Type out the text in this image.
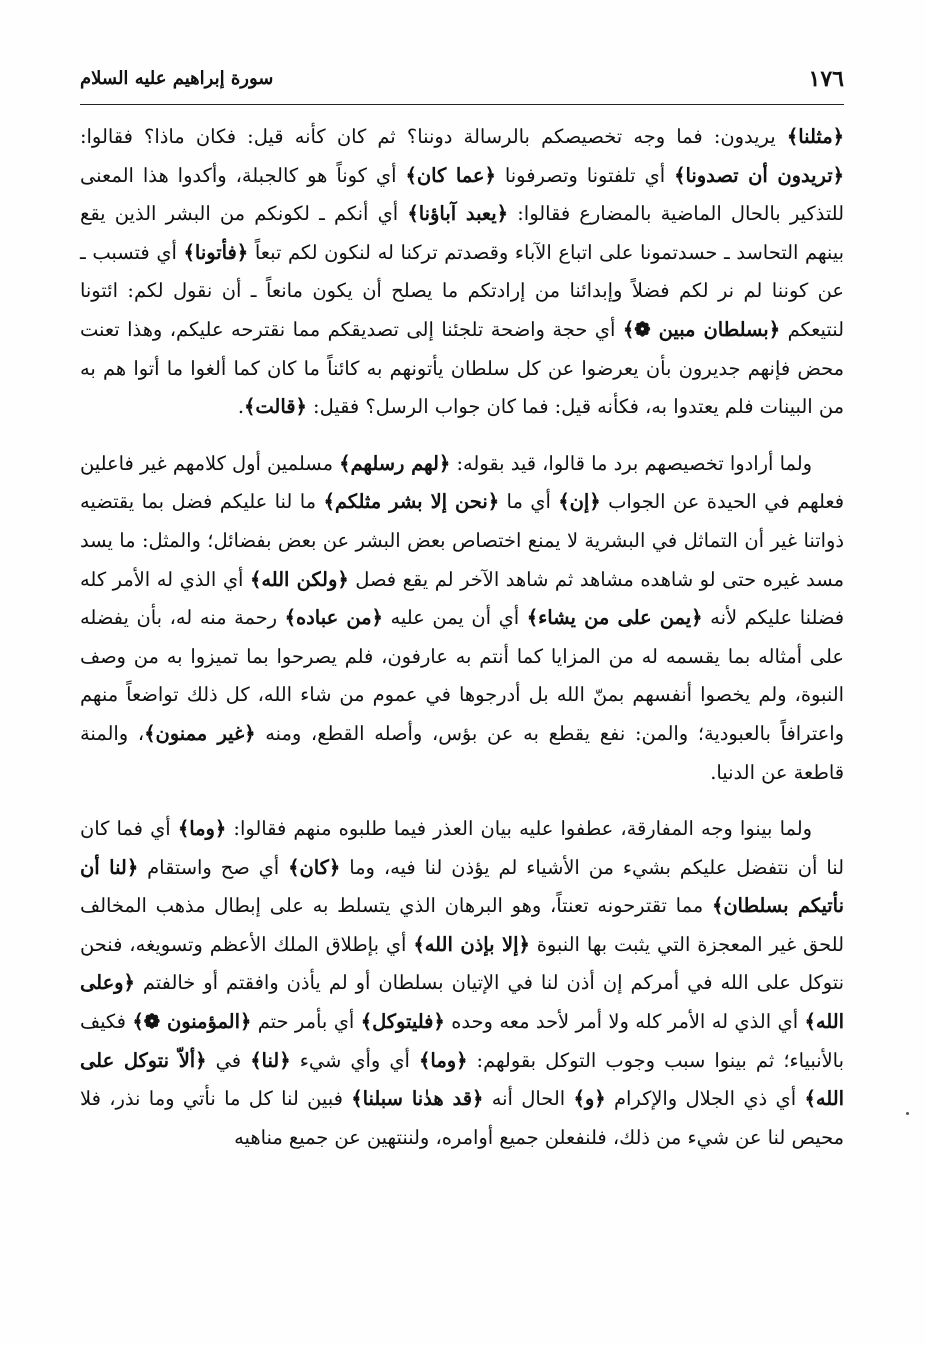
١٧٦
سورة إبراهيم عليه السلام

﴿مثلنا﴾ يريدون: فما وجه تخصيصكم بالرسالة دوننا؟ ثم كان كأنه قيل: فكان ماذا؟ فقالوا: ﴿تريدون أن تصدونا﴾ أي تلفتونا وتصرفونا ﴿عما كان﴾ أي كوناً هو كالجبلة، وأكدوا هذا المعنى للتذكير بالحال الماضية بالمضارع فقالوا: ﴿يعبد آباؤنا﴾ أي أنكم ـ لكونكم من البشر الذين يقع بينهم التحاسد ـ حسدتمونا على اتباع الآباء وقصدتم تركنا له لنكون لكم تبعاً ﴿فأتونا﴾ أي فتسبب ـ عن كوننا لم نر لكم فضلاً وإبدائنا من إرادتكم ما يصلح أن يكون مانعاً ـ أن نقول لكم: ائتونا لنتيعكم ﴿بسلطان مبين ❁﴾ أي حجة واضحة تلجئنا إلى تصديقكم مما نقترحه عليكم، وهذا تعنت محض فإنهم جديرون بأن يعرضوا عن كل سلطان يأتونهم به كائناً ما كان كما ألغوا ما أتوا هم به من البينات فلم يعتدوا به، فكأنه قيل: فما كان جواب الرسل؟ فقيل: ﴿قالت﴾.

ولما أرادوا تخصيصهم برد ما قالوا، قيد بقوله: ﴿لهم رسلهم﴾ مسلمين أول كلامهم غير فاعلين فعلهم في الحيدة عن الجواب ﴿إن﴾ أي ما ﴿نحن إلا بشر مثلكم﴾ ما لنا عليكم فضل بما يقتضيه ذواتنا غير أن التماثل في البشرية لا يمنع اختصاص بعض البشر عن بعض بفضائل؛ والمثل: ما يسد مسد غيره حتى لو شاهده مشاهد ثم شاهد الآخر لم يقع فصل ﴿ولكن الله﴾ أي الذي له الأمر كله فضلنا عليكم لأنه ﴿يمن على من يشاء﴾ أي أن يمن عليه ﴿من عباده﴾ رحمة منه له، بأن يفضله على أمثاله بما يقسمه له من المزايا كما أنتم به عارفون، فلم يصرحوا بما تميزوا به من وصف النبوة، ولم يخصوا أنفسهم بمنّ الله بل أدرجوها في عموم من شاء الله، كل ذلك تواضعاً منهم واعترافاً بالعبودية؛ والمن: نفع يقطع به عن بؤس، وأصله القطع، ومنه ﴿غير ممنون﴾، والمنة قاطعة عن الدنيا.

ولما بينوا وجه المفارقة، عطفوا عليه بيان العذر فيما طلبوه منهم فقالوا: ﴿وما﴾ أي فما كان لنا أن نتفضل عليكم بشيء من الأشياء لم يؤذن لنا فيه، وما ﴿كان﴾ أي صح واستقام ﴿لنا أن نأتيكم بسلطان﴾ مما تقترحونه تعنتاً، وهو البرهان الذي يتسلط به على إبطال مذهب المخالف للحق غير المعجزة التي يثبت بها النبوة ﴿إلا بإذن الله﴾ أي بإطلاق الملك الأعظم وتسويغه، فنحن نتوكل على الله في أمركم إن أذن لنا في الإتيان بسلطان أو لم يأذن وافقتم أو خالفتم ﴿وعلى الله﴾ أي الذي له الأمر كله ولا أمر لأحد معه وحده ﴿فليتوكل﴾ أي بأمر حتم ﴿المؤمنون ❁﴾ فكيف بالأنبياء؛ ثم بينوا سبب وجوب التوكل بقولهم: ﴿وما﴾ أي وأي شيء ﴿لنا﴾ في ﴿ألاّ نتوكل على الله﴾ أي ذي الجلال والإكرام ﴿و﴾ الحال أنه ﴿قد هدٰنا سبلنا﴾ فبين لنا كل ما نأتي وما نذر، فلا محيص لنا عن شيء من ذلك، فلنفعلن جميع أوامره، ولننتهين عن جميع مناهيه
